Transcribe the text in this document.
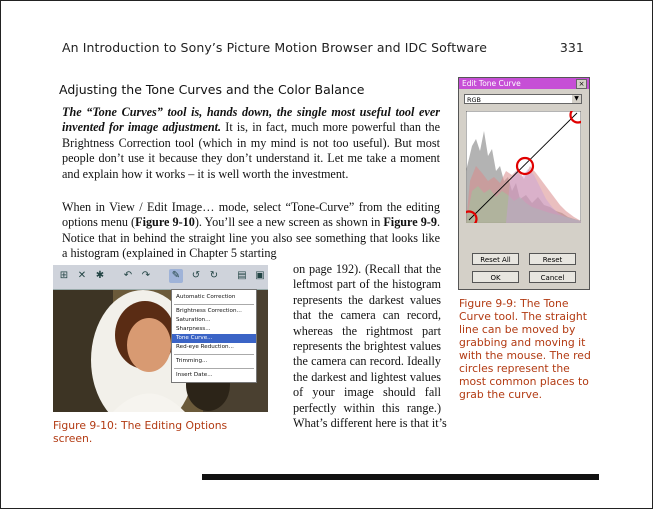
An Introduction to Sony’s Picture Motion Browser and IDC Software	331
Adjusting the Tone Curves and the Color Balance
The “Tone Curves” tool is, hands down, the single most useful tool ever invented for image adjustment. It is, in fact, much more powerful than the Brightness Correction tool (which in my mind is not too useful). But most people don’t use it because they don’t understand it. Let me take a moment and explain how it works – it is well worth the investment.
When in View / Edit Image… mode, select “Tone-Curve” from the editing options menu (Figure 9-10). You’ll see a new screen as shown in Figure 9-9. Notice that in behind the straight line you also see something that looks like a histogram (explained in Chapter 5 starting
on page 192). (Recall that the leftmost part of the histogram represents the darkest values that the camera can record, whereas the rightmost part represents the brightest values the camera can record. Ideally the darkest and lightest values of your image should fall perfectly within this range.) What’s different here is that it’s
Edit Tone Curve	×
RGB	▼
Reset All	Reset
OK	Cancel
Figure 9-9: The Tone Curve tool. The straight line can be moved by grabbing and moving it with the mouse. The red circles represent the most common places to grab the curve.
⊞ ✕ ✱ ↶ ↷ ✎ ↺ ↻ ▤ ▣
Automatic Correction
Brightness Correction...
Saturation...
Sharpness...
Tone Curve...
Red-eye Reduction...
Trimming...
Insert Date...
Figure 9-10: The Editing Options screen.
